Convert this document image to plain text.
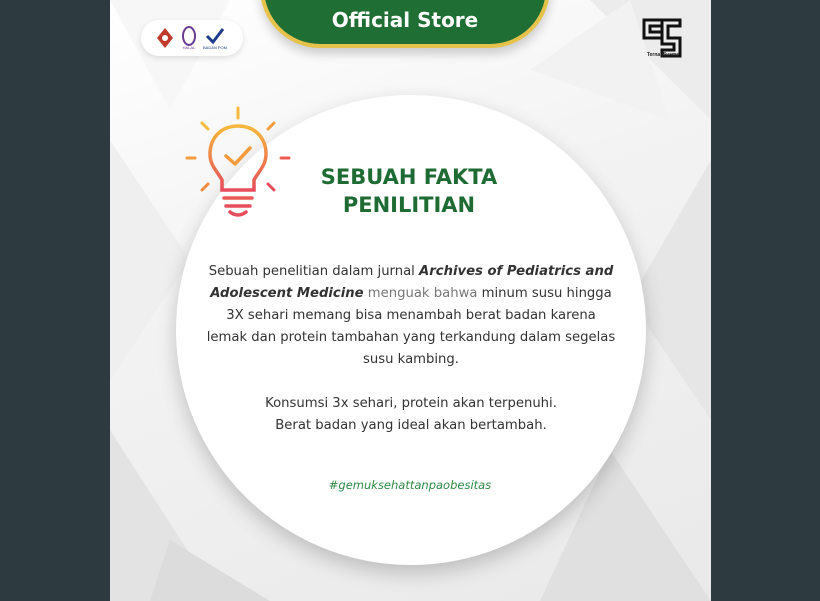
HALAL BADAN POM
Official Store
TernakSyams
SEBUAH FAKTA
PENILITIAN
Sebuah penelitian dalam jurnal Archives of Pediatrics and Adolescent Medicine menguak bahwa minum susu hingga 3X sehari memang bisa menambah berat badan karena lemak dan protein tambahan yang terkandung dalam segelas susu kambing.
Konsumsi 3x sehari, protein akan terpenuhi.
Berat badan yang ideal akan bertambah.
#gemuksehattanpaobesitas
